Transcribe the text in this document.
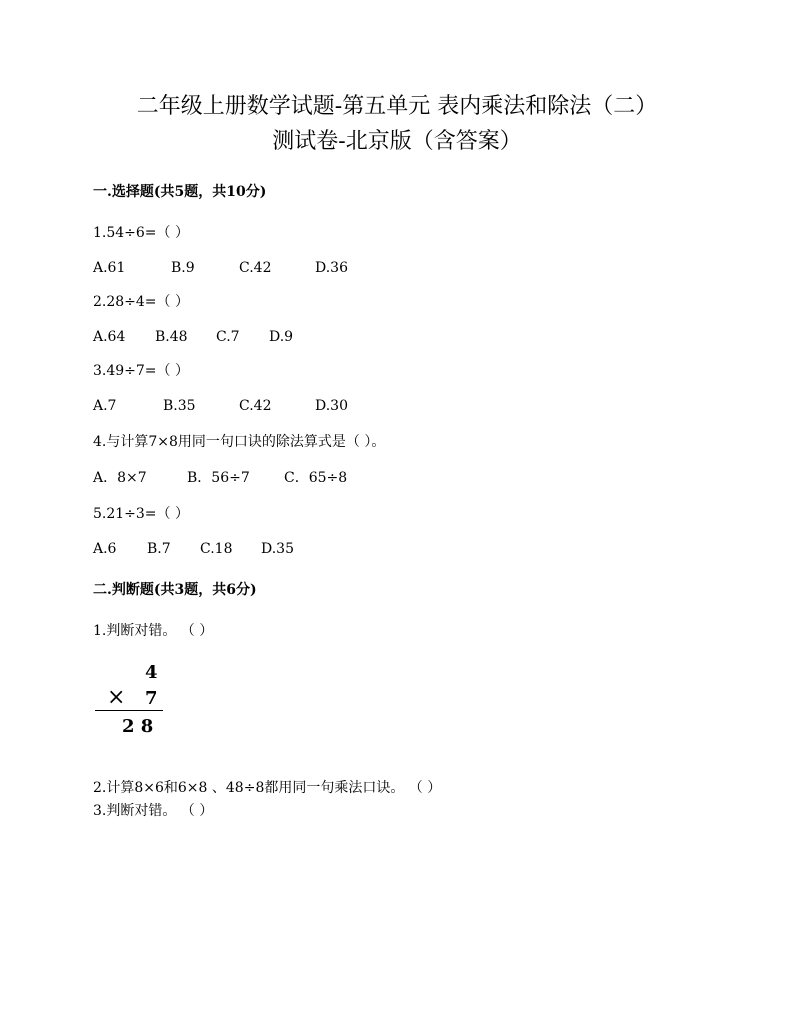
二年级上册数学试题-第五单元 表内乘法和除法（二）
测试卷-北京版（含答案）
一.选择题(共5题，共10分)
1.54÷6=（ ）
A.61	B.9	C.42	D.36
2.28÷4=（ ）
A.64 B.48 C.7 D.9
3.49÷7=（ ）
A.7	B.35	C.42	D.30
4.与计算7×8用同一句口诀的除法算式是（ ）。
A．8×7	B．56÷7 C．65÷8
5.21÷3=（ ）
A.6 B.7 C.18 D.35
二.判断题(共3题，共6分)
1.判断对错。 （ ）
4
× 7
2 8
2.计算8×6和6×8 、48÷8都用同一句乘法口诀。 （ ）
3.判断对错。 （ ）
